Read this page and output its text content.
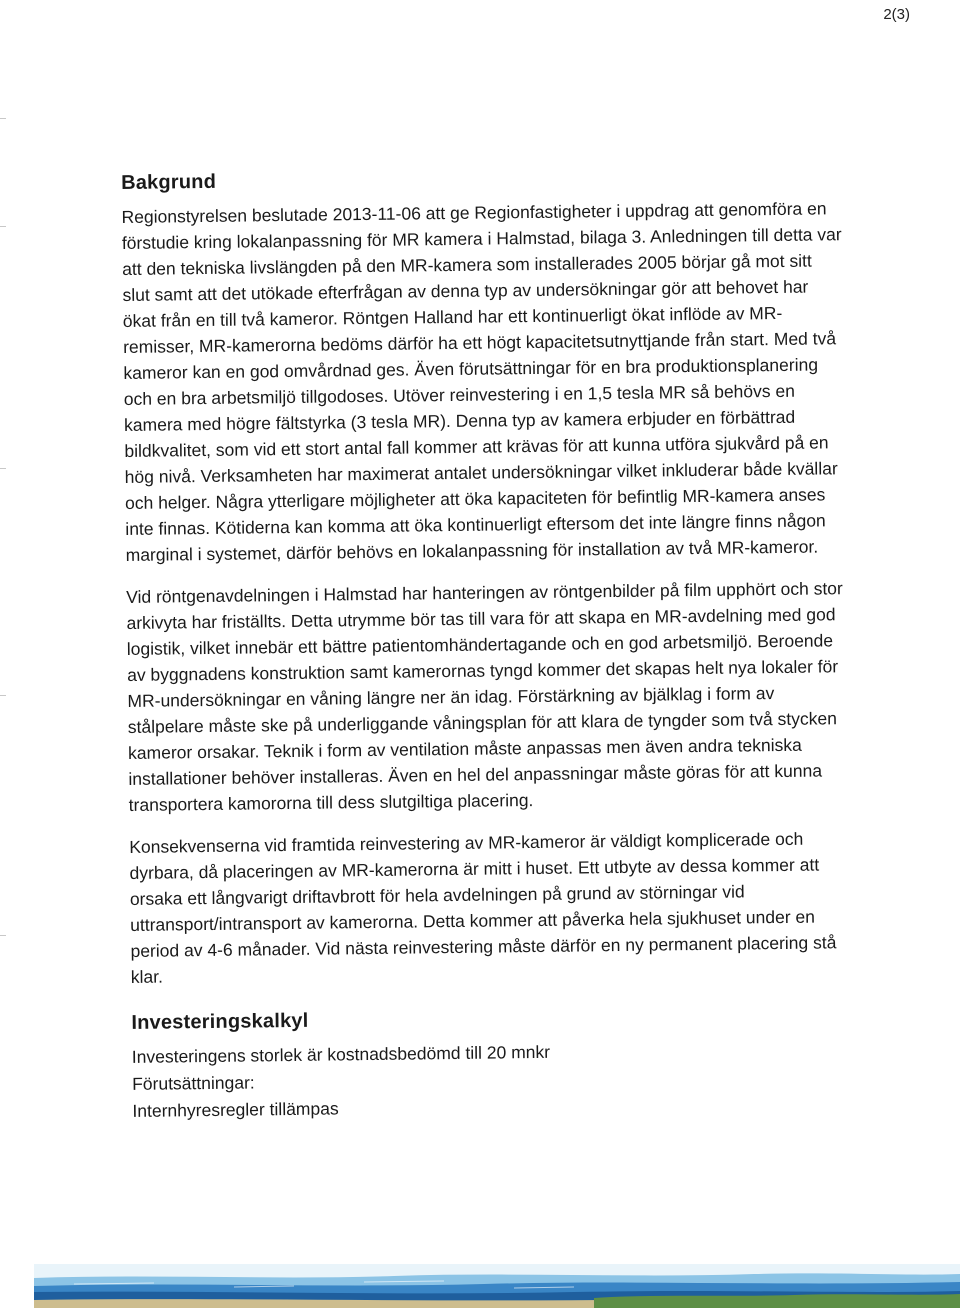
2(3)
Bakgrund

Regionstyrelsen beslutade 2013-11-06 att ge Regionfastigheter i uppdrag att genomföra en förstudie kring lokalanpassning för MR kamera i Halmstad, bilaga 3. Anledningen till detta var att den tekniska livslängden på den MR-kamera som installerades 2005 börjar gå mot sitt slut samt att det utökade efterfrågan av denna typ av undersökningar gör att behovet har ökat från en till två kameror. Röntgen Halland har ett kontinuerligt ökat inflöde av MR-remisser, MR-kamerorna bedöms därför ha ett högt kapacitetsutnyttjande från start. Med två kameror kan en god omvårdnad ges. Även förutsättningar för en bra produktionsplanering och en bra arbetsmiljö tillgodoses. Utöver reinvestering i en 1,5 tesla MR så behövs en kamera med högre fältstyrka (3 tesla MR). Denna typ av kamera erbjuder en förbättrad bildkvalitet, som vid ett stort antal fall kommer att krävas för att kunna utföra sjukvård på en hög nivå. Verksamheten har maximerat antalet undersökningar vilket inkluderar både kvällar och helger. Några ytterligare möjligheter att öka kapaciteten för befintlig MR-kamera anses inte finnas. Kötiderna kan komma att öka kontinuerligt eftersom det inte längre finns någon marginal i systemet, därför behövs en lokalanpassning för installation av två MR-kameror.

Vid röntgenavdelningen i Halmstad har hanteringen av röntgenbilder på film upphört och stor arkivyta har friställts. Detta utrymme bör tas till vara för att skapa en MR-avdelning med god logistik, vilket innebär ett bättre patientomhändertagande och en god arbetsmiljö. Beroende av byggnadens konstruktion samt kamerornas tyngd kommer det skapas helt nya lokaler för MR-undersökningar en våning längre ner än idag. Förstärkning av bjälklag i form av stålpelare måste ske på underliggande våningsplan för att klara de tyngder som två stycken kameror orsakar. Teknik i form av ventilation måste anpassas men även andra tekniska installationer behöver installeras. Även en hel del anpassningar måste göras för att kunna transportera kamororna till dess slutgiltiga placering.

Konsekvenserna vid framtida reinvestering av MR-kameror är väldigt komplicerade och dyrbara, då placeringen av MR-kamerorna är mitt i huset. Ett utbyte av dessa kommer att orsaka ett långvarigt driftavbrott för hela avdelningen på grund av störningar vid uttransport/intransport av kamerorna. Detta kommer att påverka hela sjukhuset under en period av 4-6 månader. Vid nästa reinvestering måste därför en ny permanent placering stå klar.

Investeringskalkyl

Investeringens storlek är kostnadsbedömd till 20 mnkr

Förutsättningar:

Internhyresregler tillämpas
